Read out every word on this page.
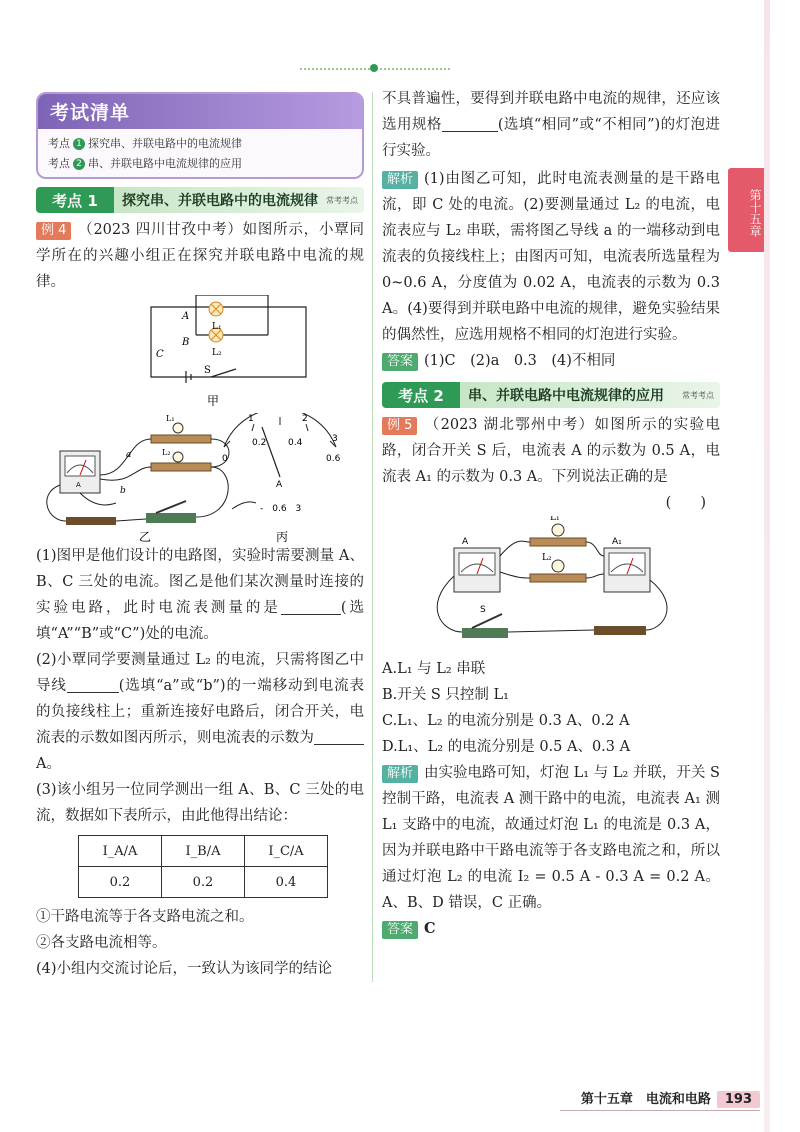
第十五章
考试清单
考点 1 探究串、并联电路中的电流规律
考点 2 串、并联电路中电流规律的应用
考点 1	探究串、并联电路中的电流规律 常考考点

例 4 （2023 四川甘孜中考）如图所示，小覃同学所在的兴趣小组正在探究并联电路中电流的规律。

A
B
C
L₁
L₂
S
甲
A
L₁
L₂
a
b
乙
1	2
3
0
0.2 0.4
0.6
A
-　0.6　3
丙

(1)图甲是他们设计的电路图，实验时需要测量 A、B、C 三处的电流。图乙是他们某次测量时连接的实验电路，此时电流表测量的是	(选填“A”“B”或“C”)处的电流。

(2)小覃同学要测量通过 L₂ 的电流，只需将图乙中导线	(选填“a”或“b”)的一端移动到电流表的负接线柱上；重新连接好电路后，闭合开关，电流表的示数如图丙所示，则电流表的示数为A。

(3)该小组另一位同学测出一组 A、B、C 三处的电流，数据如下表所示，由此他得出结论：

I_A/A	I_B/A	I_C/A
0.2	0.2	0.4

①干路电流等于各支路电流之和。

②各支路电流相等。

(4)小组内交流讨论后，一致认为该同学的结论

不具普遍性，要得到并联电路中电流的规律，还应该选用规格	(选填“相同”或“不相同”)的灯泡进行实验。

解析 (1)由图乙可知，此时电流表测量的是干路电流，即 C 处的电流。(2)要测量通过 L₂ 的电流，电流表应与 L₂ 串联，需将图乙导线 a 的一端移动到电流表的负接线柱上；由图丙可知，电流表所选量程为 0~0.6 A，分度值为 0.02 A，电流表的示数为 0.3 A。(4)要得到并联电路中电流的规律，避免实验结果的偶然性，应选用规格不相同的灯泡进行实验。

答案 (1)C　(2)a　0.3　(4)不相同

考点 2	串、并联电路中电流规律的应用 常考考点

例 5 （2023 湖北鄂州中考）如图所示的实验电路，闭合开关 S 后，电流表 A 的示数为 0.5 A，电流表 A₁ 的示数为 0.3 A。下列说法正确的是

(　　)

A	A₁
L₁
L₂
S
A.L₁ 与 L₂ 串联
B.开关 S 只控制 L₁
C.L₁、L₂ 的电流分别是 0.3 A、0.2 A
D.L₁、L₂ 的电流分别是 0.5 A、0.3 A

解析 由实验电路可知，灯泡 L₁ 与 L₂ 并联，开关 S 控制干路，电流表 A 测干路中的电流，电流表 A₁ 测 L₁ 支路中的电流，故通过灯泡 L₁ 的电流是 0.3 A，因为并联电路中干路电流等于各支路电流之和，所以通过灯泡 L₂ 的电流 I₂ = 0.5 A - 0.3 A = 0.2 A。A、B、D 错误，C 正确。

答案 C

第十五章　电流和电路 193
